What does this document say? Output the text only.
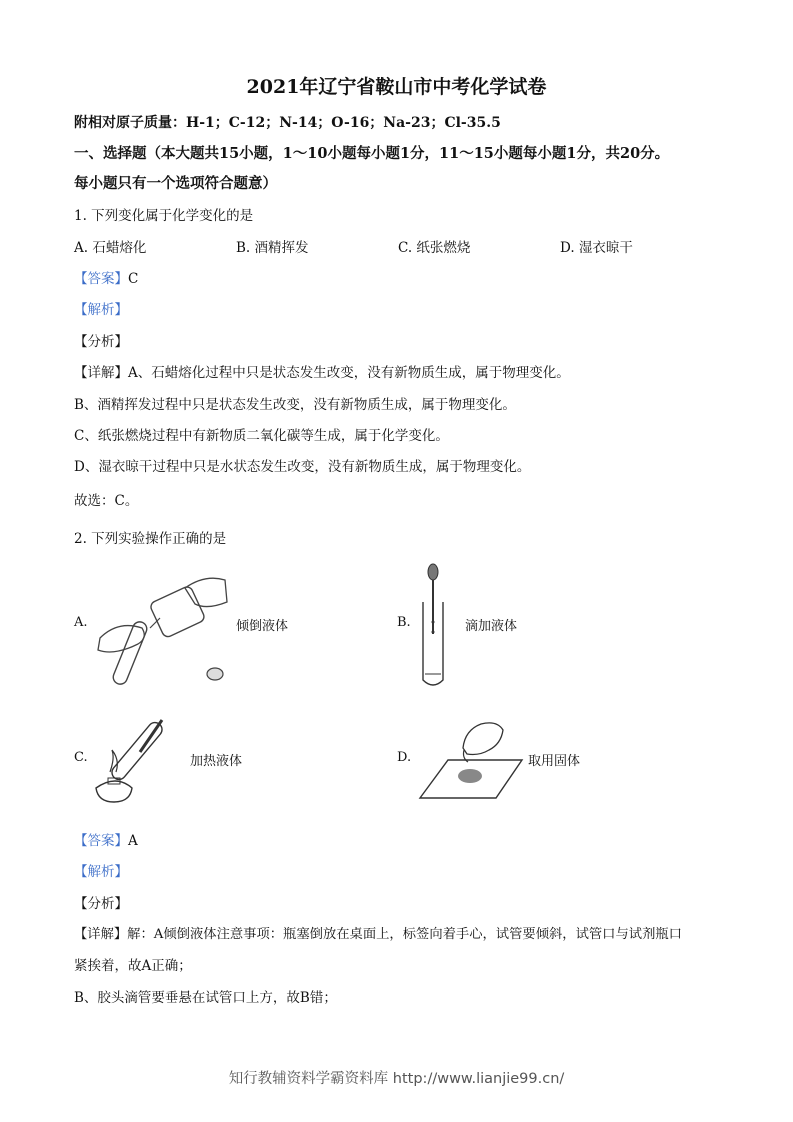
2021年辽宁省鞍山市中考化学试卷
附相对原子质量：H-1；C-12；N-14；O-16；Na-23；Cl-35.5
一、选择题（本大题共15小题，1～10小题每小题1分，11～15小题每小题1分，共20分。
每小题只有一个选项符合题意）
1. 下列变化属于化学变化的是
A. 石蜡熔化	B. 酒精挥发	C. 纸张燃烧	D. 湿衣晾干
【答案】C
【解析】
【分析】
【详解】A、石蜡熔化过程中只是状态发生改变，没有新物质生成，属于物理变化。
B、酒精挥发过程中只是状态发生改变，没有新物质生成，属于物理变化。
C、纸张燃烧过程中有新物质二氧化碳等生成，属于化学变化。
D、湿衣晾干过程中只是水状态发生改变，没有新物质生成，属于物理变化。
故选：C。
2. 下列实验操作正确的是
A.	倾倒液体	B.	滴加液体
C.	加热液体	D.	取用固体
【答案】A
【解析】
【分析】
【详解】解：A倾倒液体注意事项：瓶塞倒放在桌面上，标签向着手心，试管要倾斜，试管口与试剂瓶口
紧挨着，故A正确；
B、胶头滴管要垂悬在试管口上方，故B错；
知行教辅资料学霸资料库 http://www.lianjie99.cn/
